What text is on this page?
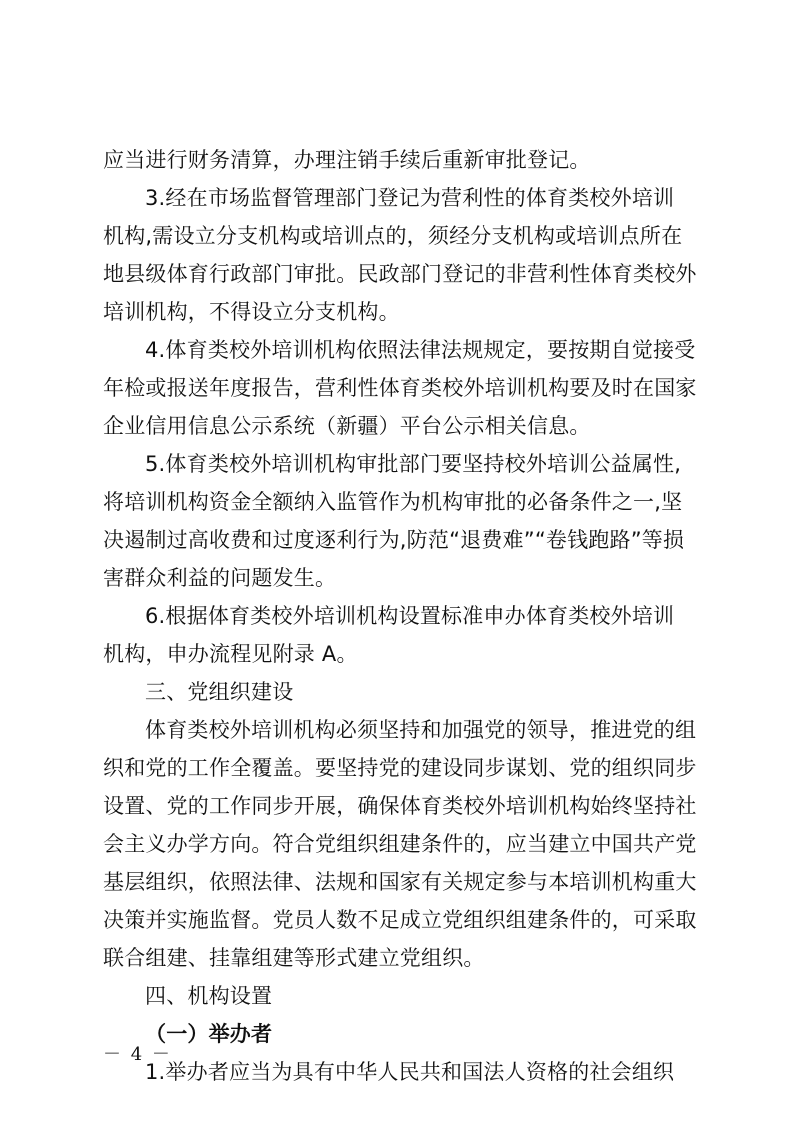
应当进行财务清算，办理注销手续后重新审批登记。
3.经在市场监督管理部门登记为营利性的体育类校外培训
机构,需设立分支机构或培训点的，须经分支机构或培训点所在
地县级体育行政部门审批。民政部门登记的非营利性体育类校外
培训机构，不得设立分支机构。
4.体育类校外培训机构依照法律法规规定，要按期自觉接受
年检或报送年度报告，营利性体育类校外培训机构要及时在国家
企业信用信息公示系统（新疆）平台公示相关信息。
5.体育类校外培训机构审批部门要坚持校外培训公益属性,
将培训机构资金全额纳入监管作为机构审批的必备条件之一,坚
决遏制过高收费和过度逐利行为,防范“退费难”“卷钱跑路”等损
害群众利益的问题发生。
6.根据体育类校外培训机构设置标准申办体育类校外培训
机构，申办流程见附录 A。
三、党组织建设
体育类校外培训机构必须坚持和加强党的领导，推进党的组
织和党的工作全覆盖。要坚持党的建设同步谋划、党的组织同步
设置、党的工作同步开展，确保体育类校外培训机构始终坚持社
会主义办学方向。符合党组织组建条件的，应当建立中国共产党
基层组织，依照法律、法规和国家有关规定参与本培训机构重大
决策并实施监督。党员人数不足成立党组织组建条件的，可采取
联合组建、挂靠组建等形式建立党组织。
四、机构设置
（一）举办者
1.举办者应当为具有中华人民共和国法人资格的社会组织
－ 4 －
